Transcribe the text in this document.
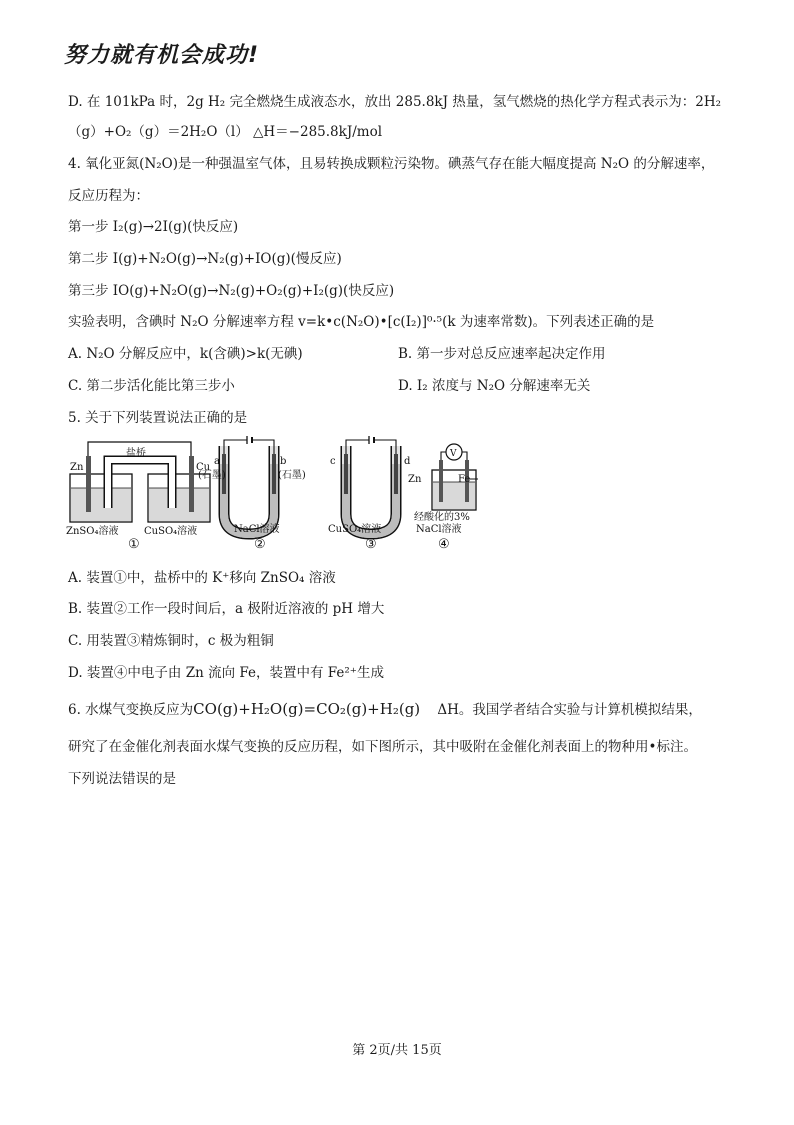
努力就有机会成功!
D. 在 101kPa 时，2g H₂ 完全燃烧生成液态水，放出 285.8kJ 热量，氢气燃烧的热化学方程式表示为：2H₂
（g）+O₂（g）＝2H₂O（l） △H＝−285.8kJ/mol
4. 氧化亚氮(N₂O)是一种强温室气体，且易转换成颗粒污染物。碘蒸气存在能大幅度提高 N₂O 的分解速率，
反应历程为：
第一步 I₂(g)→2I(g)(快反应)
第二步 I(g)+N₂O(g)→N₂(g)+IO(g)(慢反应)
第三步 IO(g)+N₂O(g)→N₂(g)+O₂(g)+I₂(g)(快反应)
实验表明，含碘时 N₂O 分解速率方程 v=k•c(N₂O)•[c(I₂)]⁰·⁵(k 为速率常数)。下列表述正确的是
A. N₂O 分解反应中，k(含碘)>k(无碘)	B. 第一步对总反应速率起决定作用
C. 第二步活化能比第三步小	D. I₂ 浓度与 N₂O 分解速率无关
5. 关于下列装置说法正确的是
盐桥
Zn	Cu
ZnSO₄溶液	CuSO₄溶液
①
a	b
(石墨)	(石墨)
NaCl溶液
②
c	d
CuSO₄溶液
③
V
Zn	Fe
经酸化的3%
NaCl溶液
④
A. 装置①中，盐桥中的 K⁺移向 ZnSO₄ 溶液
B. 装置②工作一段时间后，a 极附近溶液的 pH 增大
C. 用装置③精炼铜时，c 极为粗铜
D. 装置④中电子由 Zn 流向 Fe，装置中有 Fe²⁺生成
6. 水煤气变换反应为CO(g)+H₂O(g)=CO₂(g)+H₂(g) ΔH。我国学者结合实验与计算机模拟结果，
研究了在金催化剂表面水煤气变换的反应历程，如下图所示，其中吸附在金催化剂表面上的物种用•标注。
下列说法错误的是
第 2页/共 15页
